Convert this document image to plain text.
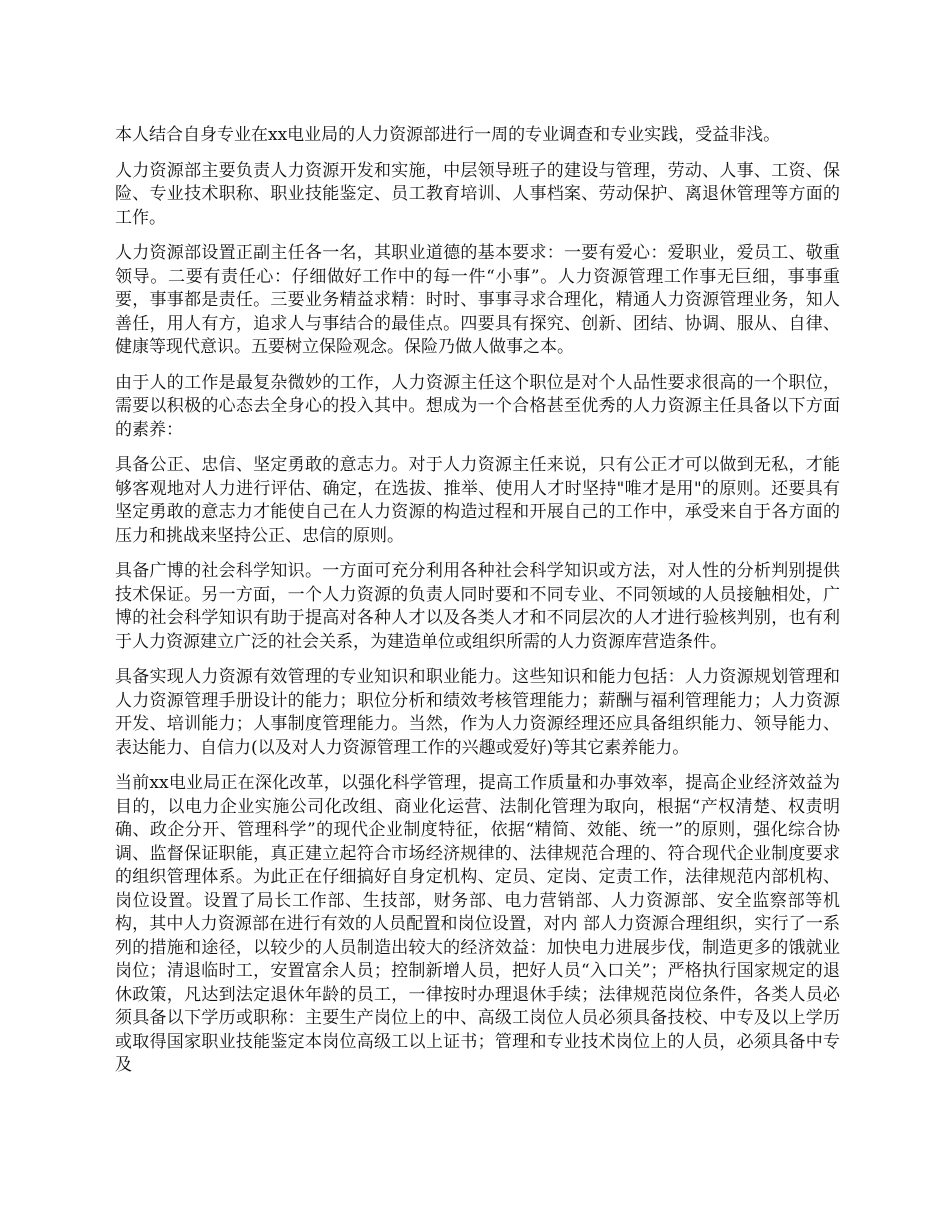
本人结合自身专业在xx电业局的人力资源部进行一周的专业调查和专业实践，受益非浅。

人力资源部主要负责人力资源开发和实施，中层领导班子的建设与管理，劳动、人事、工资、保险、专业技术职称、职业技能鉴定、员工教育培训、人事档案、劳动保护、离退休管理等方面的工作。

人力资源部设置正副主任各一名，其职业道德的基本要求：一要有爱心：爱职业，爱员工、敬重领导。二要有责任心：仔细做好工作中的每一件“小事”。人力资源管理工作事无巨细，事事重要，事事都是责任。三要业务精益求精：时时、事事寻求合理化，精通人力资源管理业务，知人善任，用人有方，追求人与事结合的最佳点。四要具有探究、创新、团结、协调、服从、自律、健康等现代意识。五要树立保险观念。保险乃做人做事之本。

由于人的工作是最复杂微妙的工作，人力资源主任这个职位是对个人品性要求很高的一个职位，需要以积极的心态去全身心的投入其中。想成为一个合格甚至优秀的人力资源主任具备以下方面的素养：

具备公正、忠信、坚定勇敢的意志力。对于人力资源主任来说，只有公正才可以做到无私，才能够客观地对人力进行评估、确定，在选拔、推举、使用人才时坚持"唯才是用"的原则。还要具有坚定勇敢的意志力才能使自己在人力资源的构造过程和开展自己的工作中，承受来自于各方面的压力和挑战来坚持公正、忠信的原则。

具备广博的社会科学知识。一方面可充分利用各种社会科学知识或方法，对人性的分析判别提供技术保证。另一方面，一个人力资源的负责人同时要和不同专业、不同领域的人员接触相处，广博的社会科学知识有助于提高对各种人才以及各类人才和不同层次的人才进行验核判别，也有利于人力资源建立广泛的社会关系，为建造单位或组织所需的人力资源库营造条件。

具备实现人力资源有效管理的专业知识和职业能力。这些知识和能力包括：人力资源规划管理和人力资源管理手册设计的能力；职位分析和绩效考核管理能力；薪酬与福利管理能力；人力资源开发、培训能力；人事制度管理能力。当然，作为人力资源经理还应具备组织能力、领导能力、表达能力、自信力(以及对人力资源管理工作的兴趣或爱好)等其它素养能力。

当前xx电业局正在深化改革，以强化科学管理，提高工作质量和办事效率，提高企业经济效益为目的，以电力企业实施公司化改组、商业化运营、法制化管理为取向，根据“产权清楚、权责明确、政企分开、管理科学”的现代企业制度特征，依据“精简、效能、统一”的原则，强化综合协调、监督保证职能，真正建立起符合市场经济规律的、法律规范合理的、符合现代企业制度要求的组织管理体系。为此正在仔细搞好自身定机构、定员、定岗、定责工作，法律规范内部机构、岗位设置。设置了局长工作部、生技部，财务部、电力营销部、人力资源部、安全监察部等机构，其中人力资源部在进行有效的人员配置和岗位设置，对内 部人力资源合理组织，实行了一系列的措施和途径，以较少的人员制造出较大的经济效益：加快电力进展步伐，制造更多的饿就业岗位；清退临时工，安置富余人员；控制新增人员，把好人员“入口关”；严格执行国家规定的退休政策，凡达到法定退休年龄的员工，一律按时办理退休手续；法律规范岗位条件，各类人员必须具备以下学历或职称：主要生产岗位上的中、高级工岗位人员必须具备技校、中专及以上学历或取得国家职业技能鉴定本岗位高级工以上证书；管理和专业技术岗位上的人员，必须具备中专及
